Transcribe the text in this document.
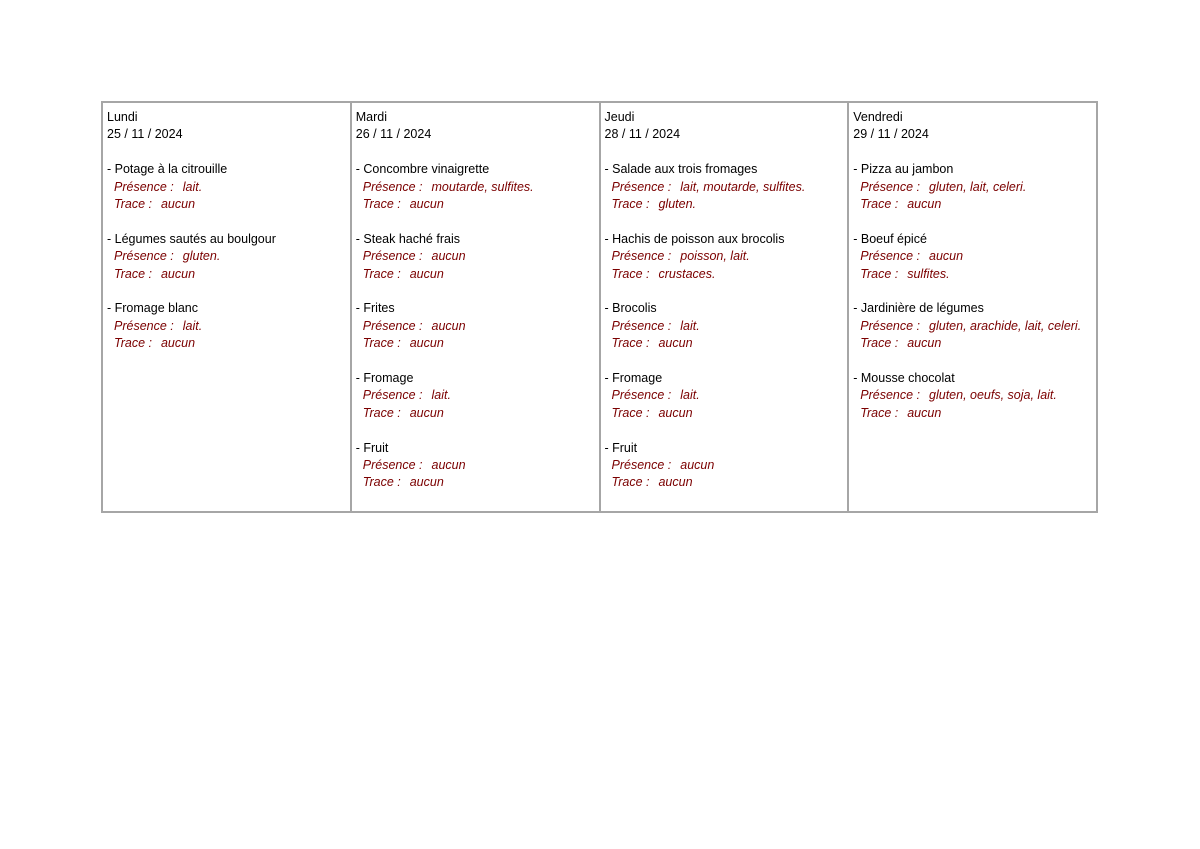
Lundi
25 / 11 / 2024
- Potage à la citrouille
Présence : lait.
Trace : aucun
- Légumes sautés au boulgour
Présence : gluten.
Trace : aucun
- Fromage blanc
Présence : lait.
Trace : aucun
Mardi
26 / 11 / 2024
- Concombre vinaigrette
Présence : moutarde, sulfites.
Trace : aucun
- Steak haché frais
Présence : aucun
Trace : aucun
- Frites
Présence : aucun
Trace : aucun
- Fromage
Présence : lait.
Trace : aucun
- Fruit
Présence : aucun
Trace : aucun
Jeudi
28 / 11 / 2024
- Salade aux trois fromages
Présence : lait, moutarde, sulfites.
Trace : gluten.
- Hachis de poisson aux brocolis
Présence : poisson, lait.
Trace : crustaces.
- Brocolis
Présence : lait.
Trace : aucun
- Fromage
Présence : lait.
Trace : aucun
- Fruit
Présence : aucun
Trace : aucun
Vendredi
29 / 11 / 2024
- Pizza au jambon
Présence : gluten, lait, celeri.
Trace : aucun
- Boeuf épicé
Présence : aucun
Trace : sulfites.
- Jardinière de légumes
Présence : gluten, arachide, lait, celeri.
Trace : aucun
- Mousse chocolat
Présence : gluten, oeufs, soja, lait.
Trace : aucun
